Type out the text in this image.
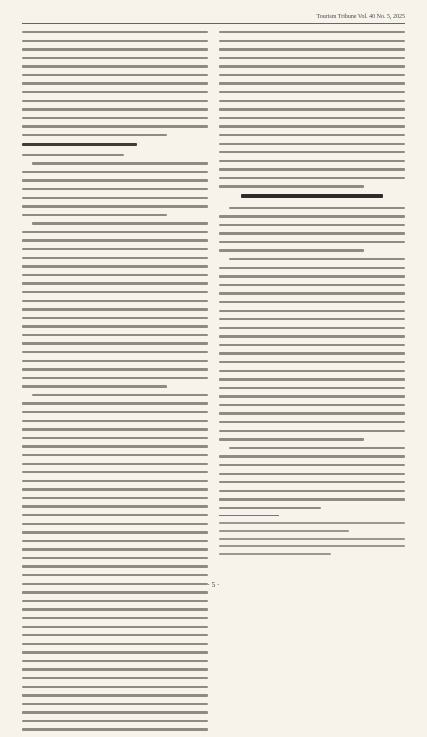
Tourism Tribune Vol. 40 No. 5, 2025
· 5 ·
